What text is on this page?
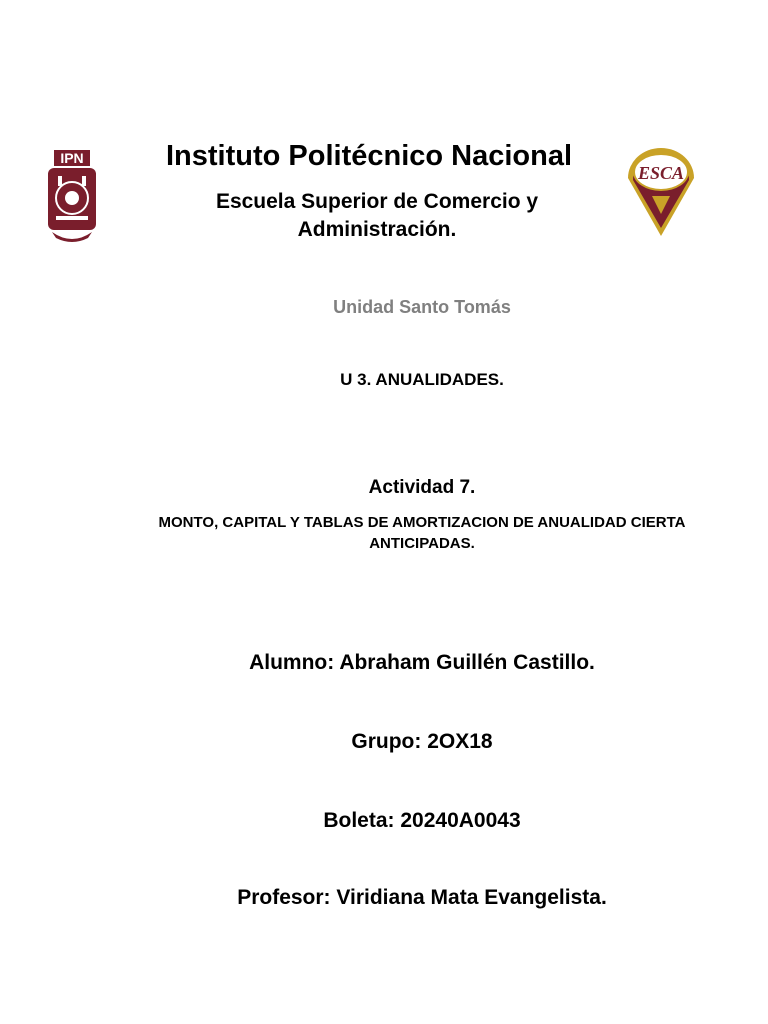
IPN	Instituto Politécnico Nacional
Escuela Superior de Comercio y
Administración.
ESCA
Unidad Santo Tomás
U 3. ANUALIDADES.
Actividad 7.
MONTO, CAPITAL Y TABLAS DE AMORTIZACION DE ANUALIDAD CIERTA
ANTICIPADAS.
Alumno: Abraham Guillén Castillo.
Grupo: 2OX18
Boleta: 20240A0043
Profesor: Viridiana Mata Evangelista.
